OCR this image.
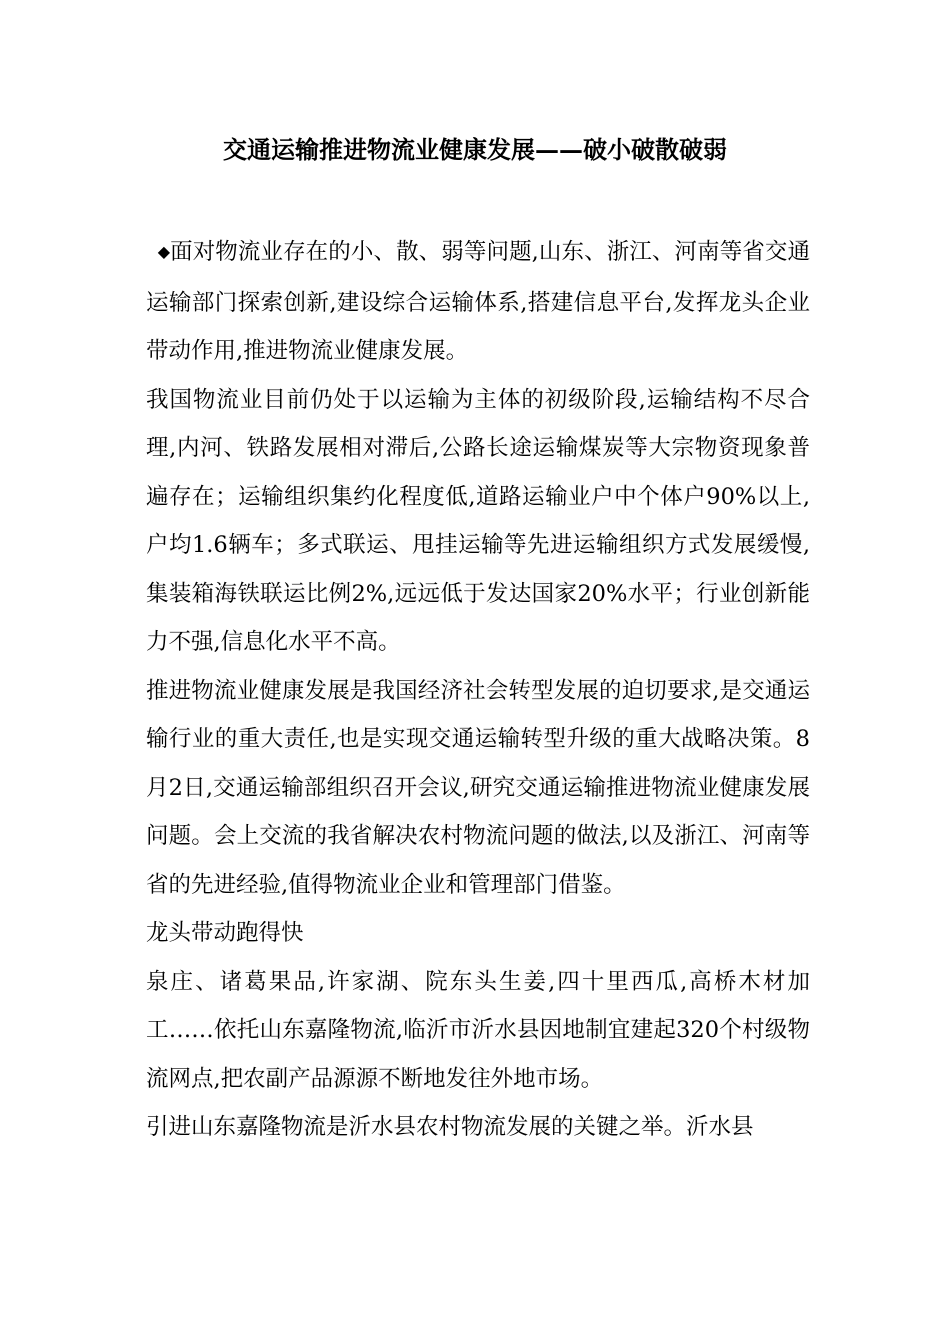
交通运输推进物流业健康发展——破小破散破弱

◆面对物流业存在的小、散、弱等问题,山东、浙江、河南等省交通运输部门探索创新,建设综合运输体系,搭建信息平台,发挥龙头企业带动作用,推进物流业健康发展。

我国物流业目前仍处于以运输为主体的初级阶段,运输结构不尽合理,内河、铁路发展相对滞后,公路长途运输煤炭等大宗物资现象普遍存在；运输组织集约化程度低,道路运输业户中个体户90%以上,户均1.6辆车；多式联运、甩挂运输等先进运输组织方式发展缓慢,集装箱海铁联运比例2%,远远低于发达国家20%水平；行业创新能力不强,信息化水平不高。

推进物流业健康发展是我国经济社会转型发展的迫切要求,是交通运输行业的重大责任,也是实现交通运输转型升级的重大战略决策。8月2日,交通运输部组织召开会议,研究交通运输推进物流业健康发展问题。会上交流的我省解决农村物流问题的做法,以及浙江、河南等省的先进经验,值得物流业企业和管理部门借鉴。

龙头带动跑得快

泉庄、诸葛果品,许家湖、院东头生姜,四十里西瓜,高桥木材加工……依托山东嘉隆物流,临沂市沂水县因地制宜建起320个村级物流网点,把农副产品源源不断地发往外地市场。

引进山东嘉隆物流是沂水县农村物流发展的关键之举。沂水县
